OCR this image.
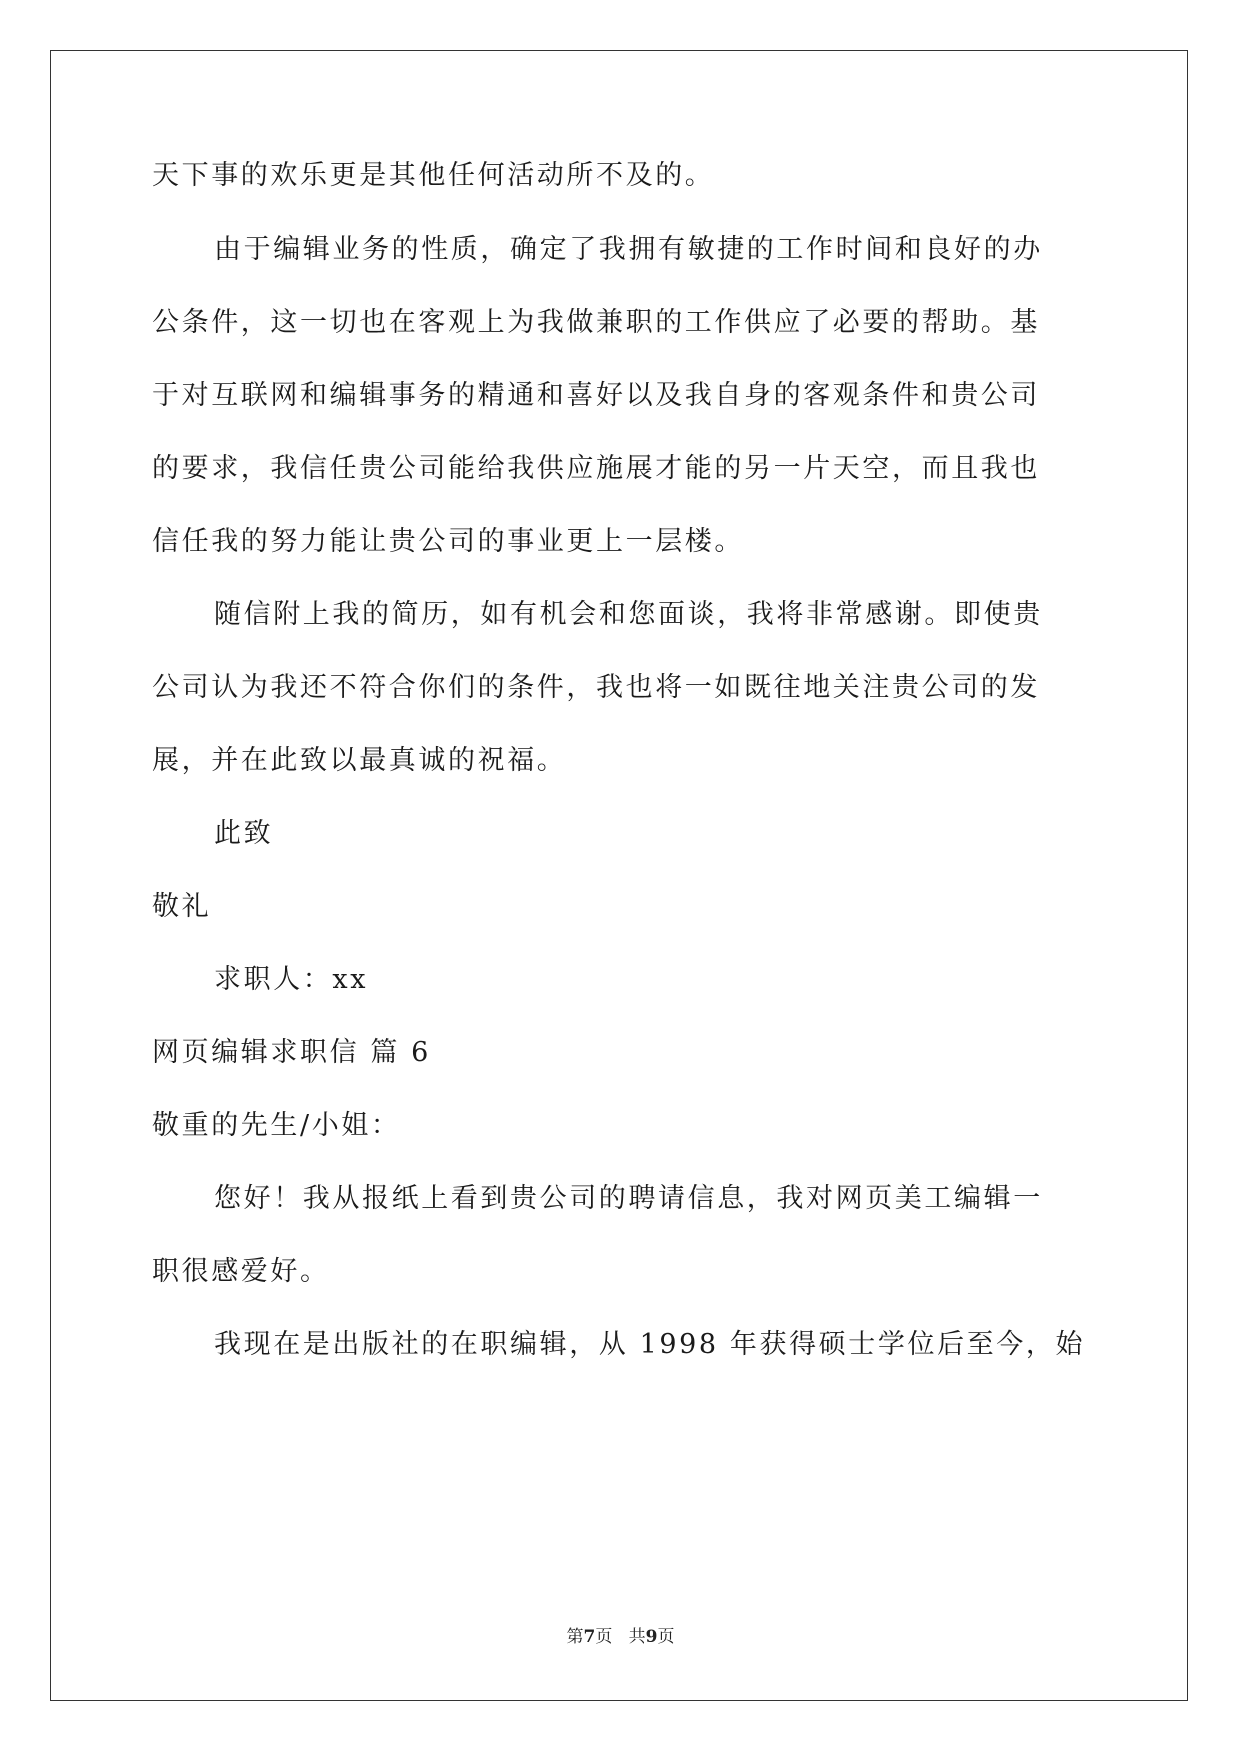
天下事的欢乐更是其他任何活动所不及的。
由于编辑业务的性质，确定了我拥有敏捷的工作时间和良好的办
公条件，这一切也在客观上为我做兼职的工作供应了必要的帮助。基
于对互联网和编辑事务的精通和喜好以及我自身的客观条件和贵公司
的要求，我信任贵公司能给我供应施展才能的另一片天空，而且我也
信任我的努力能让贵公司的事业更上一层楼。
随信附上我的简历，如有机会和您面谈，我将非常感谢。即使贵
公司认为我还不符合你们的条件，我也将一如既往地关注贵公司的发
展，并在此致以最真诚的祝福。
此致
敬礼
求职人：xx
网页编辑求职信 篇 6
敬重的先生/小姐：
您好！我从报纸上看到贵公司的聘请信息，我对网页美工编辑一
职很感爱好。
我现在是出版社的在职编辑，从 1998 年获得硕士学位后至今，始
第7页 共9页
